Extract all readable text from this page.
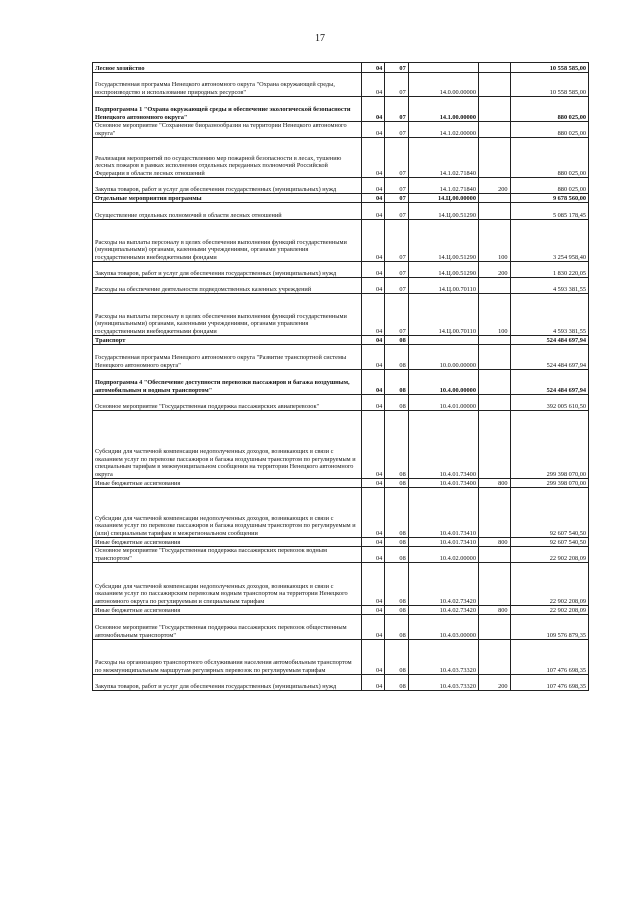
17
Лесное хозяйство	04	07			10 558 585,00
Государственная программа Ненецкого автономного округа "Охрана окружающей среды, воспроизводство и использование природных ресурсов"	04	07	14.0.00.00000		10 558 585,00
Подпрограмма 1 "Охрана окружающей среды и обеспечение экологической безопасности Ненецкого автономного округа"	04	07	14.1.00.00000		880 025,00
Основное мероприятие "Сохранение биоразнообразия на территории Ненецкого автономного округа"	04	07	14.1.02.00000		880 025,00
Реализация мероприятий по осуществлению мер пожарной безопасности в лесах, тушению лесных пожаров в рамках исполнения отдельных переданных полномочий Российской Федерации в области лесных отношений	04	07	14.1.02.71840		880 025,00
Закупка товаров, работ и услуг для обеспечения государственных (муниципальных) нужд	04	07	14.1.02.71840	200	880 025,00
Отдельные мероприятия программы	04	07	14.Ц.00.00000		9 678 560,00
Осуществление отдельных полномочий в области лесных отношений	04	07	14.Ц.00.51290		5 085 178,45
Расходы на выплаты персоналу в целях обеспечения выполнения функций государственными (муниципальными) органами, казенными учреждениями, органами управления государственными внебюджетными фондами	04	07	14.Ц.00.51290	100	3 254 958,40
Закупка товаров, работ и услуг для обеспечения государственных (муниципальных) нужд	04	07	14.Ц.00.51290	200	1 830 220,05
Расходы на обеспечение деятельности подведомственных казенных учреждений	04	07	14.Ц.00.70110		4 593 381,55
Расходы на выплаты персоналу в целях обеспечения выполнения функций государственными (муниципальными) органами, казенными учреждениями, органами управления государственными внебюджетными фондами	04	07	14.Ц.00.70110	100	4 593 381,55
Транспорт	04	08			524 484 697,94
Государственная программа Ненецкого автономного округа "Развитие транспортной системы Ненецкого автономного округа"	04	08	10.0.00.00000		524 484 697,94
Подпрограмма 4 "Обеспечение доступности перевозки пассажиров и багажа воздушным, автомобильным и водным транспортом"	04	08	10.4.00.00000		524 484 697,94
Основное мероприятие "Государственная поддержка пассажирских авиаперевозок"	04	08	10.4.01.00000		392 005 610,50
Субсидии для частичной компенсации недополученных доходов, возникающих в связи с оказанием услуг по перевозке пассажиров и багажа воздушным транспортом по регулируемым и специальным тарифам в межмуниципальном сообщении на территории Ненецкого автономного округа	04	08	10.4.01.73400		299 398 070,00
Иные бюджетные ассигнования	04	08	10.4.01.73400	800	299 398 070,00
Субсидии для частичной компенсации недополученных доходов, возникающих в связи с оказанием услуг по перевозке пассажиров и багажа воздушным транспортом по регулируемым и (или) специальным тарифам в межрегиональном сообщении	04	08	10.4.01.73410		92 607 540,50
Иные бюджетные ассигнования	04	08	10.4.01.73410	800	92 607 540,50
Основное мероприятие "Государственная поддержка пассажирских перевозок водным транспортом"	04	08	10.4.02.00000		22 902 208,09
Субсидии для частичной компенсации недополученных доходов, возникающих в связи с оказанием услуг по пассажирским перевозкам водным транспортом на территории Ненецкого автономного округа по регулируемым и специальным тарифам	04	08	10.4.02.73420		22 902 208,09
Иные бюджетные ассигнования	04	08	10.4.02.73420	800	22 902 208,09
Основное мероприятие "Государственная поддержка пассажирских перевозок общественным автомобильным транспортом"	04	08	10.4.03.00000		109 576 879,35
Расходы на организацию транспортного обслуживания населения автомобильным транспортом по межмуниципальным маршрутам регулярных перевозок по регулируемым тарифам	04	08	10.4.03.73320		107 476 698,35
Закупка товаров, работ и услуг для обеспечения государственных (муниципальных) нужд	04	08	10.4.03.73320	200	107 476 698,35
